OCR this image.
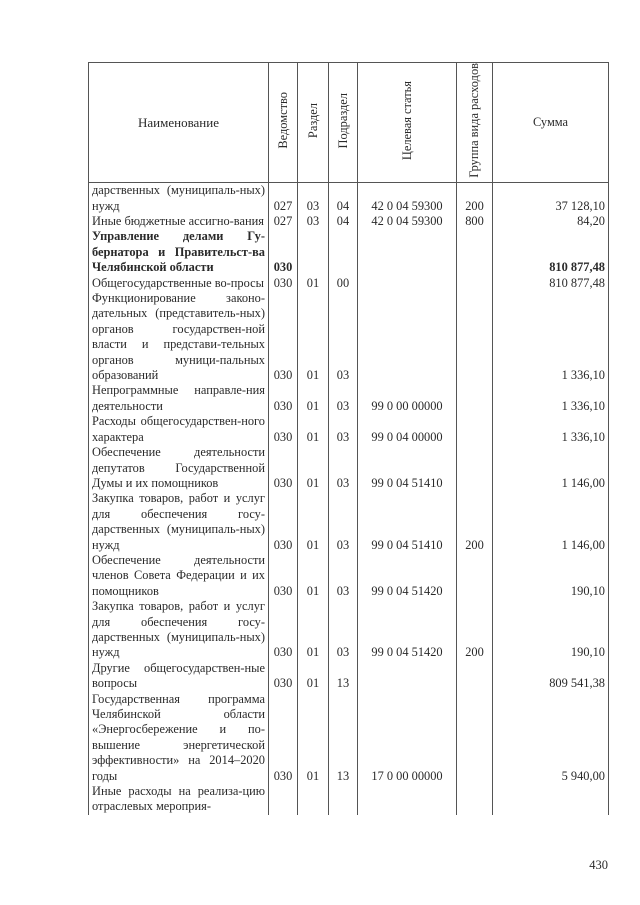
Наименование	Ведомство	Раздел	Подраздел	Целевая статья	Группа вида расходов	Сумма
дарственных (муниципаль-ных) нужд	027	03	04	42 0 04 59300	200	37 128,10
Иные бюджетные ассигно-вания	027	03	04	42 0 04 59300	800	84,20
Управление делами Гу-бернатора и Правительст-ва Челябинской области	030					810 877,48
Общегосударственные во-просы	030	01	00			810 877,48
Функционирование законо-дательных (представитель-ных) органов государствен-ной власти и представи-тельных органов муници-пальных образований	030	01	03			1 336,10
Непрограммные направле-ния деятельности	030	01	03	99 0 00 00000		1 336,10
Расходы общегосударствен-ного характера	030	01	03	99 0 04 00000		1 336,10
Обеспечение деятельности депутатов Государственной Думы и их помощников	030	01	03	99 0 04 51410		1 146,00
Закупка товаров, работ и услуг для обеспечения госу-дарственных (муниципаль-ных) нужд	030	01	03	99 0 04 51410	200	1 146,00
Обеспечение деятельности членов Совета Федерации и их помощников	030	01	03	99 0 04 51420		190,10
Закупка товаров, работ и услуг для обеспечения госу-дарственных (муниципаль-ных) нужд	030	01	03	99 0 04 51420	200	190,10
Другие общегосударствен-ные вопросы	030	01	13			809 541,38
Государственная программа Челябинской области «Энергосбережение и по-вышение энергетической эффективности» на 2014–2020 годы	030	01	13	17 0 00 00000		5 940,00
Иные расходы на реализа-цию отраслевых мероприя-						
430
